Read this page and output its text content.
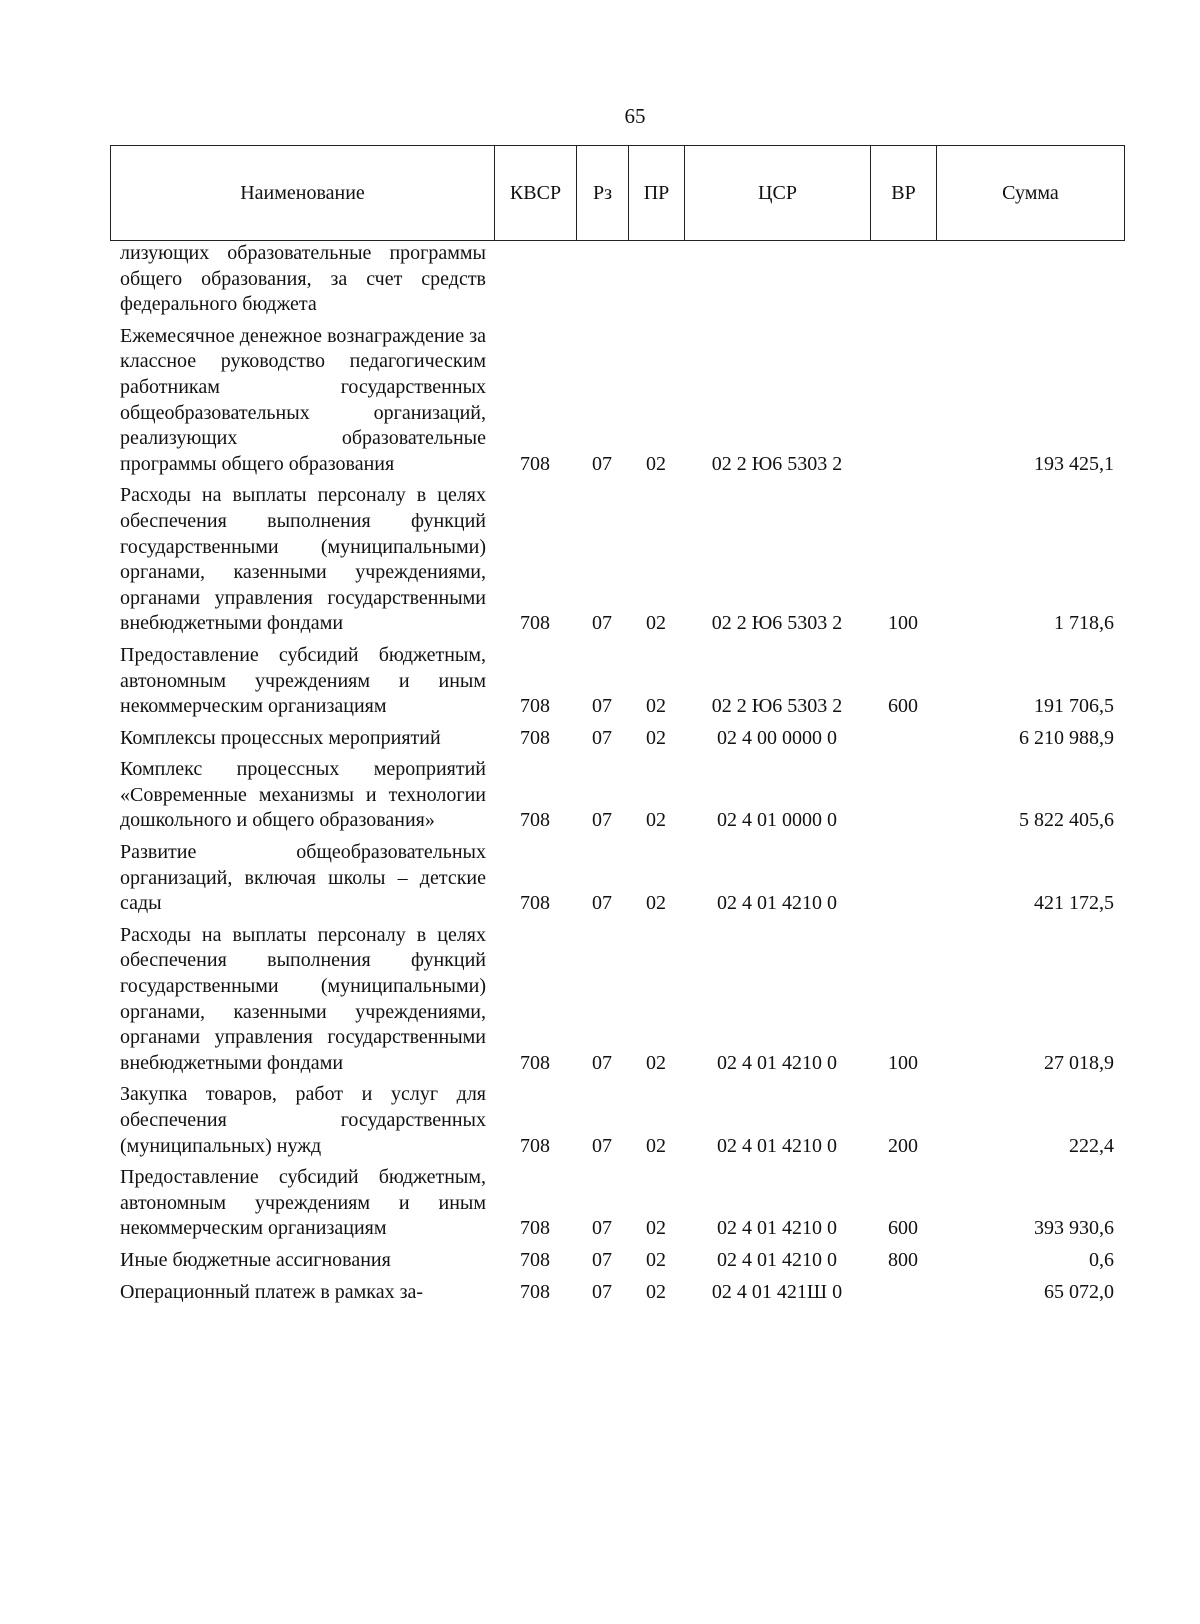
65
Наименование	КВСР	Рз	ПР	ЦСР	ВР	Сумма
лизующих образовательные программы общего образования, за счет средств федерального бюджета						
Ежемесячное денежное вознаграждение за классное руководство педагогическим работникам государственных общеобразовательных организаций, реализующих образовательные программы общего образования	708	07	02	02 2 Ю6 5303 2		193 425,1
Расходы на выплаты персоналу в целях обеспечения выполнения функций государственными (муниципальными) органами, казенными учреждениями, органами управления государственными внебюджетными фондами	708	07	02	02 2 Ю6 5303 2	100	1 718,6
Предоставление субсидий бюджетным, автономным учреждениям и иным некоммерческим организациям	708	07	02	02 2 Ю6 5303 2	600	191 706,5
Комплексы процессных мероприятий	708	07	02	02 4 00 0000 0		6 210 988,9
Комплекс процессных мероприятий «Современные механизмы и технологии дошкольного и общего образования»	708	07	02	02 4 01 0000 0		5 822 405,6
Развитие общеобразовательных организаций, включая школы – детские сады	708	07	02	02 4 01 4210 0		421 172,5
Расходы на выплаты персоналу в целях обеспечения выполнения функций государственными (муниципальными) органами, казенными учреждениями, органами управления государственными внебюджетными фондами	708	07	02	02 4 01 4210 0	100	27 018,9
Закупка товаров, работ и услуг для обеспечения государственных (муниципальных) нужд	708	07	02	02 4 01 4210 0	200	222,4
Предоставление субсидий бюджетным, автономным учреждениям и иным некоммерческим организациям	708	07	02	02 4 01 4210 0	600	393 930,6
Иные бюджетные ассигнования	708	07	02	02 4 01 4210 0	800	0,6
Операционный платеж в рамках за-	708	07	02	02 4 01 421Ш 0		65 072,0
